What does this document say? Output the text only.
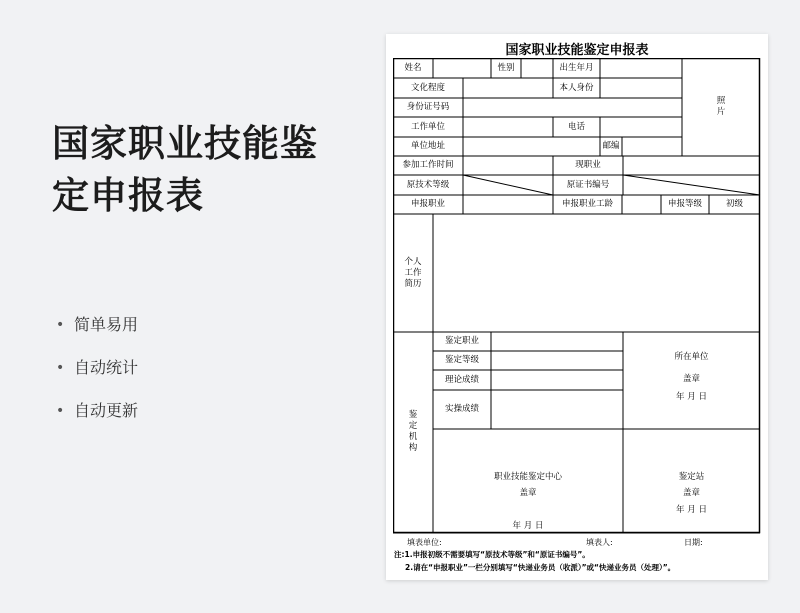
国家职业技能鉴
定申报表
• 简单易用
• 自动统计
• 自动更新
国家职业技能鉴定申报表
姓名	性别	出生年月
照
片
文化程度	本人身份
身份证号码
工作单位	电话
单位地址	邮编
参加工作时间	现职业
原技术等级	原证书编号
申报职业	申报职业工龄	申报等级	初级
个人
工作
简历
鉴
定
机
构
鉴定职业
鉴定等级
理论成绩
实操成绩
所在单位
盖章
年 月 日
职业技能鉴定中心
盖章
年 月 日
鉴定站
盖章
年 月 日
填表单位:	填表人:	日期:
注:1.申报初级不需要填写“原技术等级”和“原证书编号”。
2.请在“申报职业”一栏分别填写“快递业务员（收派）”或“快递业务员（处理）”。
